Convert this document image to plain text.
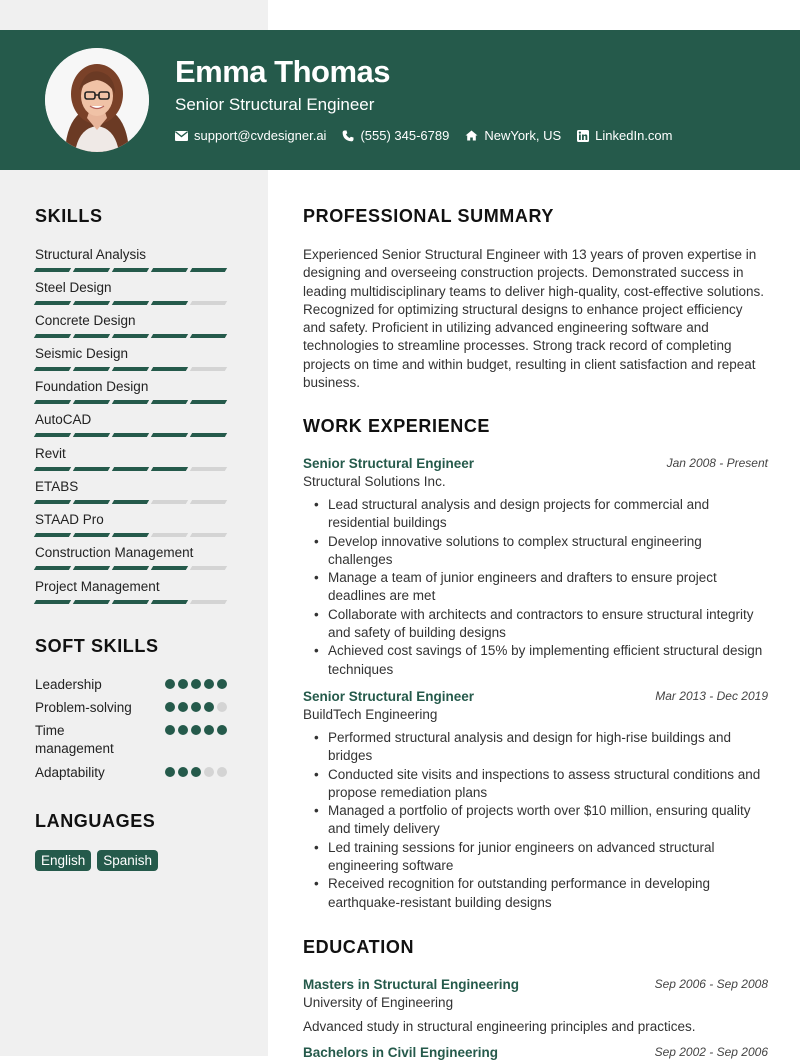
Emma Thomas
Senior Structural Engineer
support@cvdesigner.ai	(555) 345-6789	NewYork, US	LinkedIn.com
SKILLS
Structural Analysis
Steel Design
Concrete Design
Seismic Design
Foundation Design
AutoCAD
Revit
ETABS
STAAD Pro
Construction Management
Project Management
SOFT SKILLS
Leadership
Problem-solving
Time management
Adaptability
LANGUAGES
English	Spanish
PROFESSIONAL SUMMARY

Experienced Senior Structural Engineer with 13 years of proven expertise in designing and overseeing construction projects. Demonstrated success in leading multidisciplinary teams to deliver high-quality, cost-effective solutions. Recognized for optimizing structural designs to enhance project efficiency and safety. Proficient in utilizing advanced engineering software and technologies to streamline processes. Strong track record of completing projects on time and within budget, resulting in client satisfaction and repeat business.

WORK EXPERIENCE
Senior Structural Engineer	Jan 2008 - Present
Structural Solutions Inc.
• Lead structural analysis and design projects for commercial and residential buildings
• Develop innovative solutions to complex structural engineering challenges
• Manage a team of junior engineers and drafters to ensure project deadlines are met
• Collaborate with architects and contractors to ensure structural integrity and safety of building designs
• Achieved cost savings of 15% by implementing efficient structural design techniques
Senior Structural Engineer	Mar 2013 - Dec 2019
BuildTech Engineering
• Performed structural analysis and design for high-rise buildings and bridges
• Conducted site visits and inspections to assess structural conditions and propose remediation plans
• Managed a portfolio of projects worth over $10 million, ensuring quality and timely delivery
• Led training sessions for junior engineers on advanced structural engineering software
• Received recognition for outstanding performance in developing earthquake-resistant building designs
EDUCATION
Masters in Structural Engineering	Sep 2006 - Sep 2008
University of Engineering
Advanced study in structural engineering principles and practices.
Bachelors in Civil Engineering	Sep 2002 - Sep 2006
